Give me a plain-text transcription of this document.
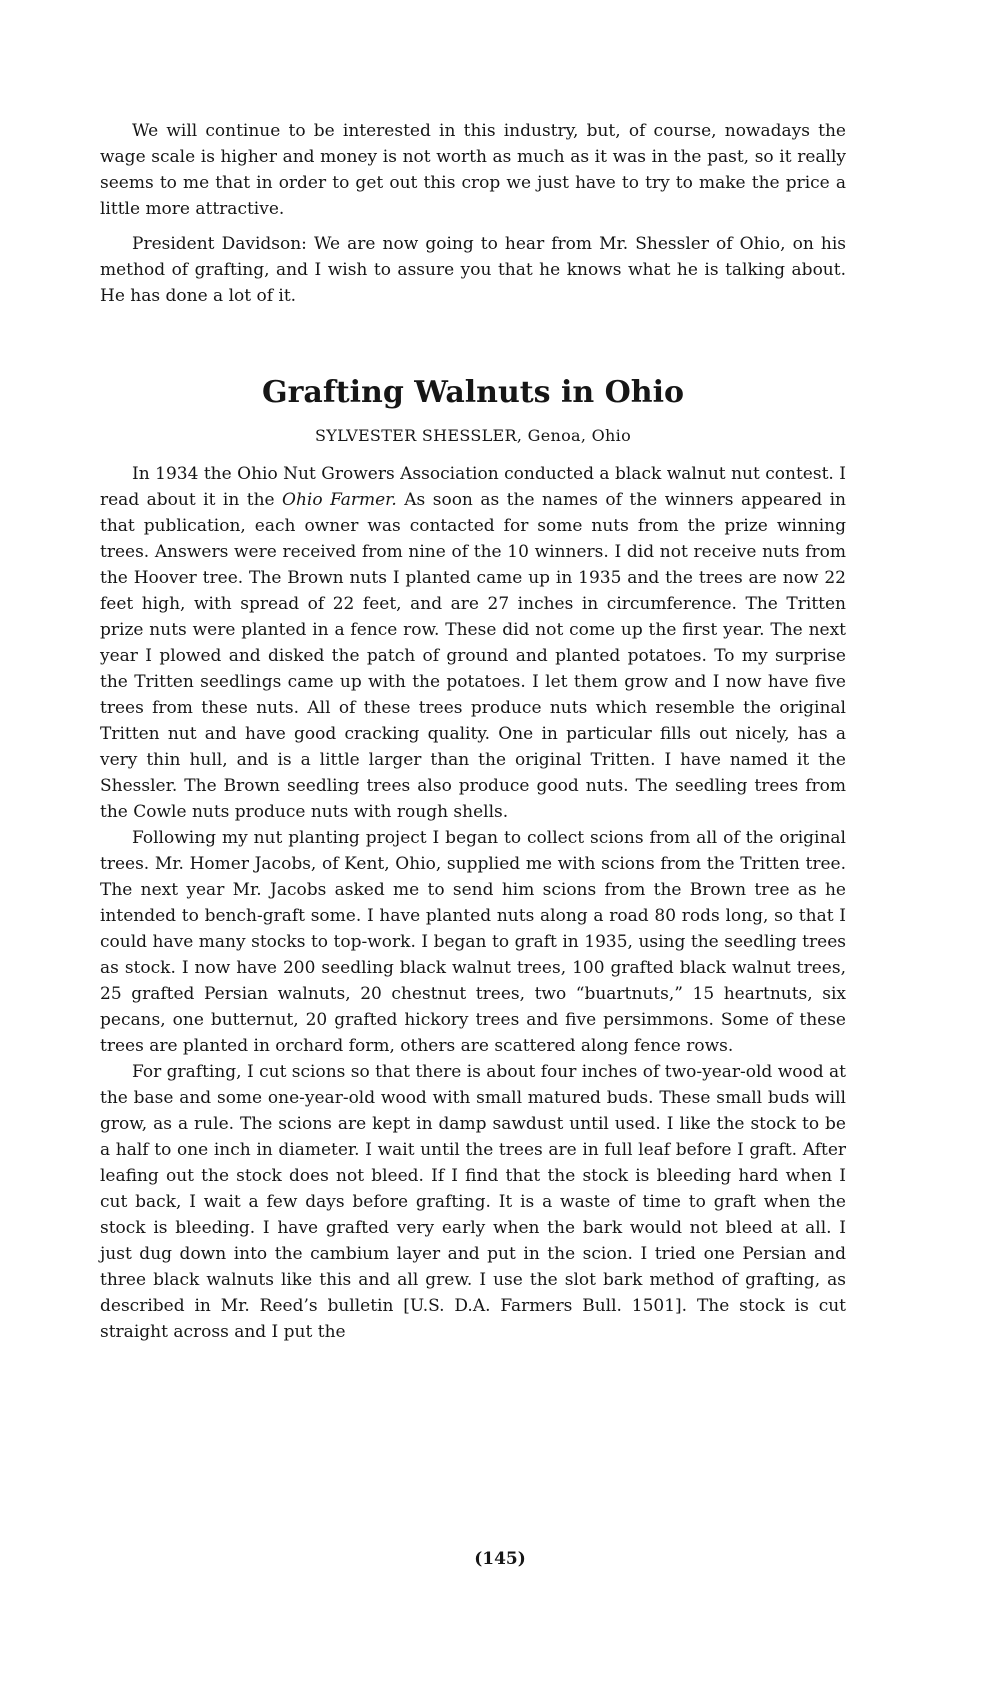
We will continue to be interested in this industry, but, of course, nowadays the wage scale is higher and money is not worth as much as it was in the past, so it really seems to me that in order to get out this crop we just have to try to make the price a little more attractive.

President Davidson: We are now going to hear from Mr. Shessler of Ohio, on his method of grafting, and I wish to assure you that he knows what he is talking about. He has done a lot of it.

Grafting Walnuts in Ohio
SYLVESTER SHESSLER, Genoa, Ohio

In 1934 the Ohio Nut Growers Association conducted a black walnut nut contest. I read about it in the Ohio Farmer. As soon as the names of the winners appeared in that publication, each owner was contacted for some nuts from the prize winning trees. Answers were received from nine of the 10 winners. I did not receive nuts from the Hoover tree. The Brown nuts I planted came up in 1935 and the trees are now 22 feet high, with spread of 22 feet, and are 27 inches in circumference. The Tritten prize nuts were planted in a fence row. These did not come up the first year. The next year I plowed and disked the patch of ground and planted potatoes. To my surprise the Tritten seedlings came up with the potatoes. I let them grow and I now have five trees from these nuts. All of these trees produce nuts which resemble the original Tritten nut and have good cracking quality. One in particular fills out nicely, has a very thin hull, and is a little larger than the original Tritten. I have named it the Shessler. The Brown seedling trees also produce good nuts. The seedling trees from the Cowle nuts produce nuts with rough shells.

Following my nut planting project I began to collect scions from all of the original trees. Mr. Homer Jacobs, of Kent, Ohio, supplied me with scions from the Tritten tree. The next year Mr. Jacobs asked me to send him scions from the Brown tree as he intended to bench-graft some. I have planted nuts along a road 80 rods long, so that I could have many stocks to top-work. I began to graft in 1935, using the seedling trees as stock. I now have 200 seedling black walnut trees, 100 grafted black walnut trees, 25 grafted Persian walnuts, 20 chestnut trees, two “buartnuts,” 15 heartnuts, six pecans, one butternut, 20 grafted hickory trees and five persimmons. Some of these trees are planted in orchard form, others are scattered along fence rows.

For grafting, I cut scions so that there is about four inches of two-year-old wood at the base and some one-year-old wood with small matured buds. These small buds will grow, as a rule. The scions are kept in damp sawdust until used. I like the stock to be a half to one inch in diameter. I wait until the trees are in full leaf before I graft. After leafing out the stock does not bleed. If I find that the stock is bleeding hard when I cut back, I wait a few days before grafting. It is a waste of time to graft when the stock is bleeding. I have grafted very early when the bark would not bleed at all. I just dug down into the cambium layer and put in the scion. I tried one Persian and three black walnuts like this and all grew. I use the slot bark method of grafting, as described in Mr. Reed’s bulletin [U.S. D.A. Farmers Bull. 1501]. The stock is cut straight across and I put the

(145)
